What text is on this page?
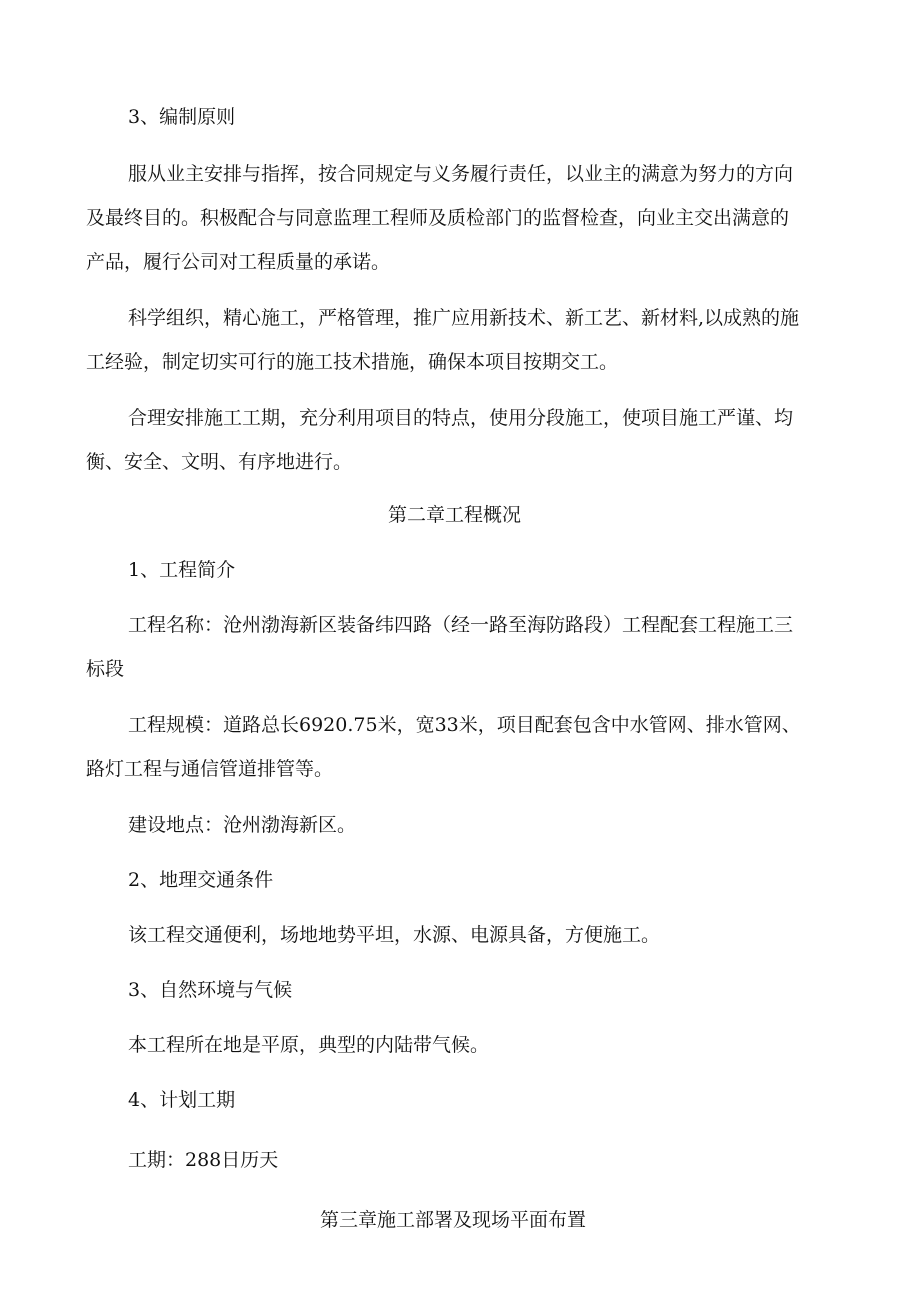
3、编制原则
服从业主安排与指挥，按合同规定与义务履行责任，以业主的满意为努力的方向
及最终目的。积极配合与同意监理工程师及质检部门的监督检查，向业主交出满意的
产品，履行公司对工程质量的承诺。
科学组织，精心施工，严格管理，推广应用新技术、新工艺、新材料,以成熟的施
工经验，制定切实可行的施工技术措施，确保本项目按期交工。
合理安排施工工期，充分利用项目的特点，使用分段施工，使项目施工严谨、均
衡、安全、文明、有序地进行。
第二章工程概况
1、工程简介
工程名称：沧州渤海新区装备纬四路（经一路至海防路段）工程配套工程施工三
标段
工程规模：道路总长6920.75米，宽33米，项目配套包含中水管网、排水管网、
路灯工程与通信管道排管等。
建设地点：沧州渤海新区。
2、地理交通条件
该工程交通便利，场地地势平坦，水源、电源具备，方便施工。
3、自然环境与气候
本工程所在地是平原，典型的内陆带气候。
4、计划工期
工期：288日历天
第三章施工部署及现场平面布置
